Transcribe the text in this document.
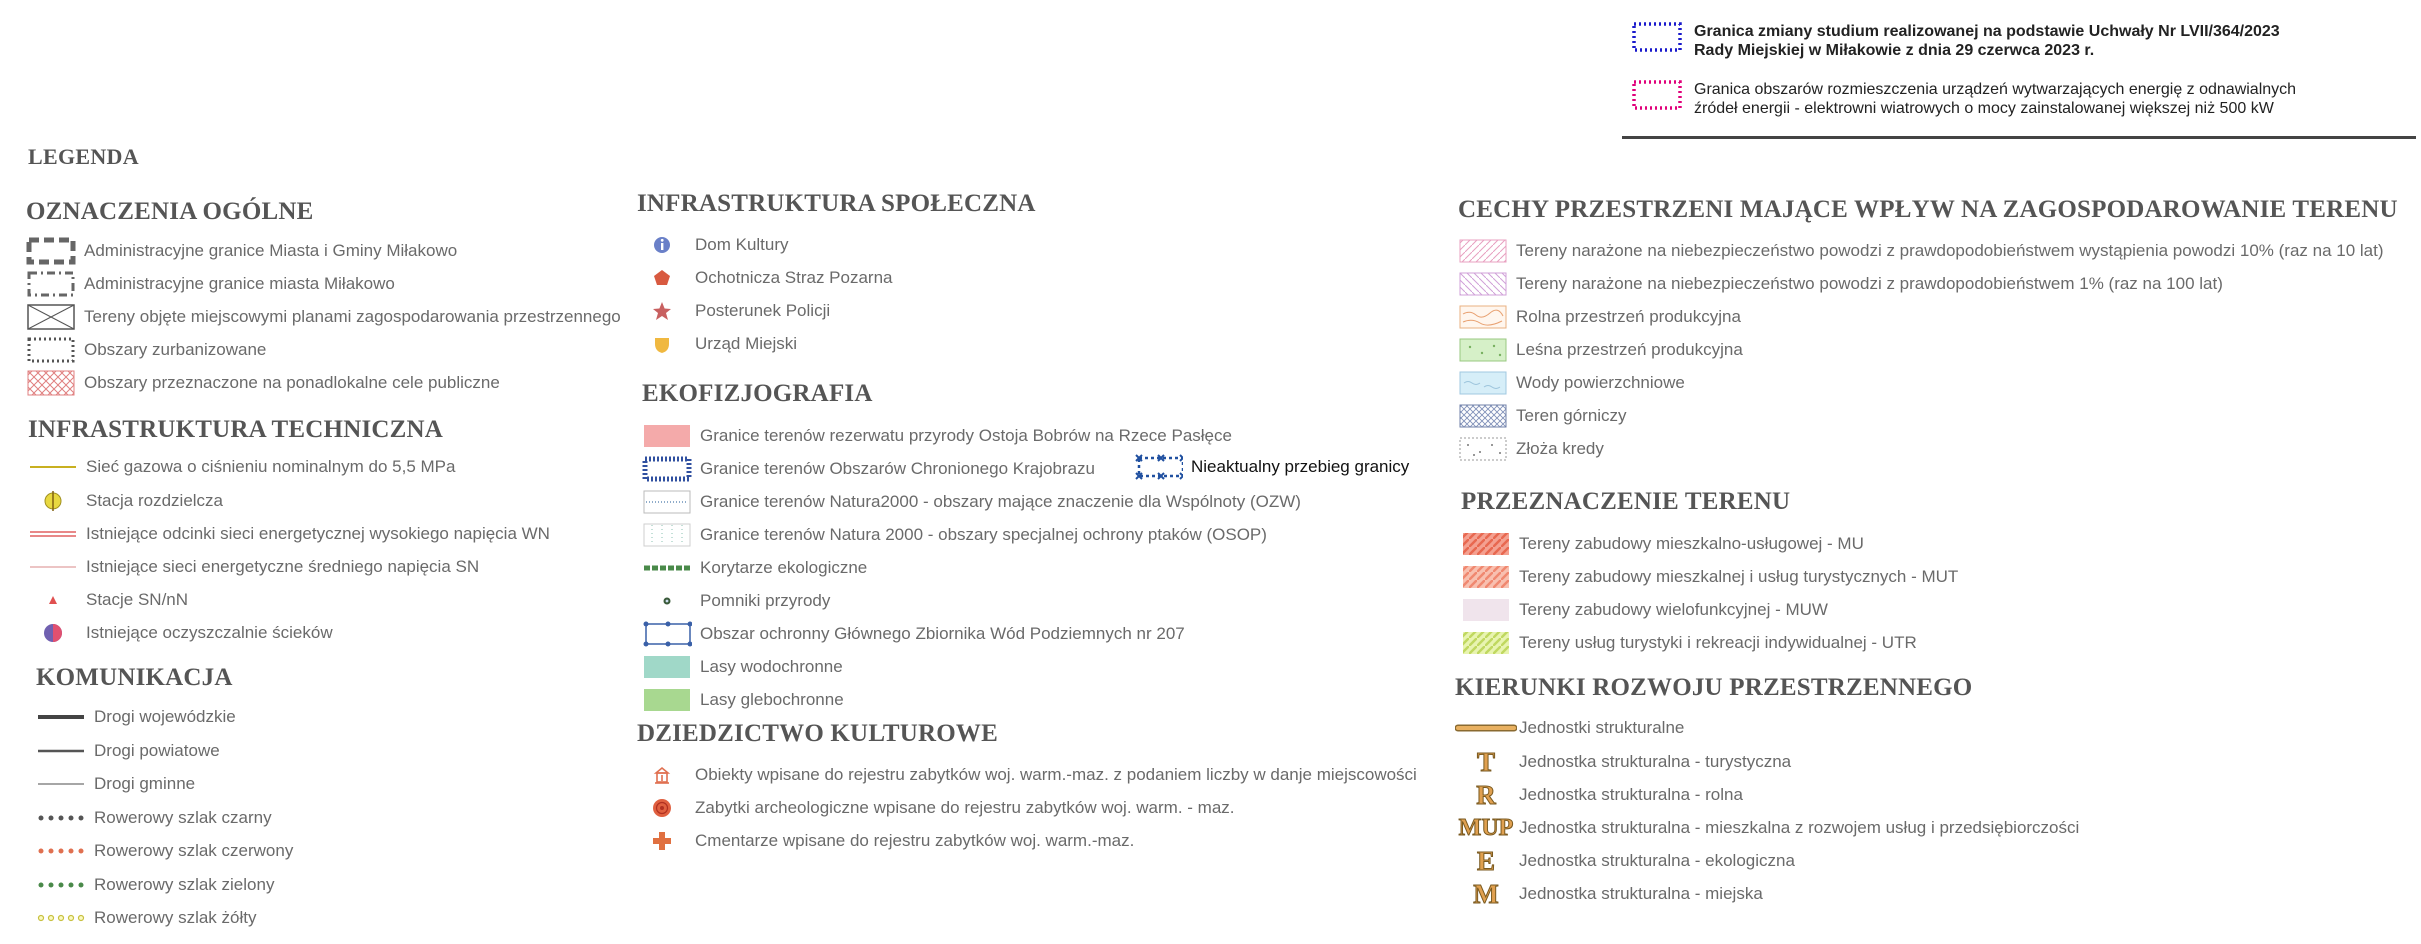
Granica zmiany studium realizowanej na podstawie Uchwały Nr LVII/364/2023
Rady Miejskiej w Miłakowie z dnia 29 czerwca 2023 r.
Granica obszarów rozmieszczenia urządzeń wytwarzających energię z odnawialnych
źródeł energii - elektrowni wiatrowych o mocy zainstalowanej większej niż 500 kW
LEGENDA
OZNACZENIA OGÓLNE
Administracyjne granice Miasta i Gminy Miłakowo
Administracyjne granice miasta Miłakowo
Tereny objęte miejscowymi planami zagospodarowania przestrzennego
Obszary zurbanizowane
Obszary przeznaczone na ponadlokalne cele publiczne
INFRASTRUKTURA TECHNICZNA
Sieć gazowa o ciśnieniu nominalnym do 5,5 MPa
Stacja rozdzielcza
Istniejące odcinki sieci energetycznej wysokiego napięcia WN
Istniejące sieci energetyczne średniego napięcia SN
Stacje SN/nN
Istniejące oczyszczalnie ścieków
KOMUNIKACJA
Drogi wojewódzkie
Drogi powiatowe
Drogi gminne
Rowerowy szlak czarny
Rowerowy szlak czerwony
Rowerowy szlak zielony
Rowerowy szlak żółty
INFRASTRUKTURA SPOŁECZNA
Dom Kultury
Ochotnicza Straz Pozarna
Posterunek Policji
Urząd Miejski
EKOFIZJOGRAFIA
Granice terenów rezerwatu przyrody Ostoja Bobrów na Rzece Pasłęce
Granice terenów Obszarów Chronionego Krajobrazu
Granice terenów Natura2000 - obszary mające znaczenie dla Wspólnoty (OZW)
Granice terenów Natura 2000 - obszary specjalnej ochrony ptaków (OSOP)
Korytarze ekologiczne
Pomniki przyrody
Obszar ochronny Głównego Zbiornika Wód Podziemnych nr 207
Lasy wodochronne
Lasy glebochronne
Nieaktualny przebieg granicy
DZIEDZICTWO KULTUROWE
Obiekty wpisane do rejestru zabytków woj. warm.-maz. z podaniem liczby w danje miejscowości
Zabytki archeologiczne wpisane do rejestru zabytków woj. warm. - maz.
Cmentarze wpisane do rejestru zabytków woj. warm.-maz.
CECHY PRZESTRZENI MAJĄCE WPŁYW NA ZAGOSPODAROWANIE TERENU
Tereny narażone na niebezpieczeństwo powodzi z prawdopodobieństwem wystąpienia powodzi 10% (raz na 10 lat)
Tereny narażone na niebezpieczeństwo powodzi z prawdopodobieństwem 1% (raz na 100 lat)
Rolna przestrzeń produkcyjna
Leśna przestrzeń produkcyjna
Wody powierzchniowe
Teren górniczy
Złoża kredy
PRZEZNACZENIE TERENU
Tereny zabudowy mieszkalno-usługowej - MU
Tereny zabudowy mieszkalnej i usług turystycznych - MUT
Tereny zabudowy wielofunkcyjnej - MUW
Tereny usług turystyki i rekreacji indywidualnej - UTR
KIERUNKI ROZWOJU PRZESTRZENNEGO
Jednostki strukturalne
T Jednostka strukturalna - turystyczna
R Jednostka strukturalna - rolna
MUP Jednostka strukturalna - mieszkalna z rozwojem usług i przedsiębiorczości
E Jednostka strukturalna - ekologiczna
M Jednostka strukturalna - miejska
